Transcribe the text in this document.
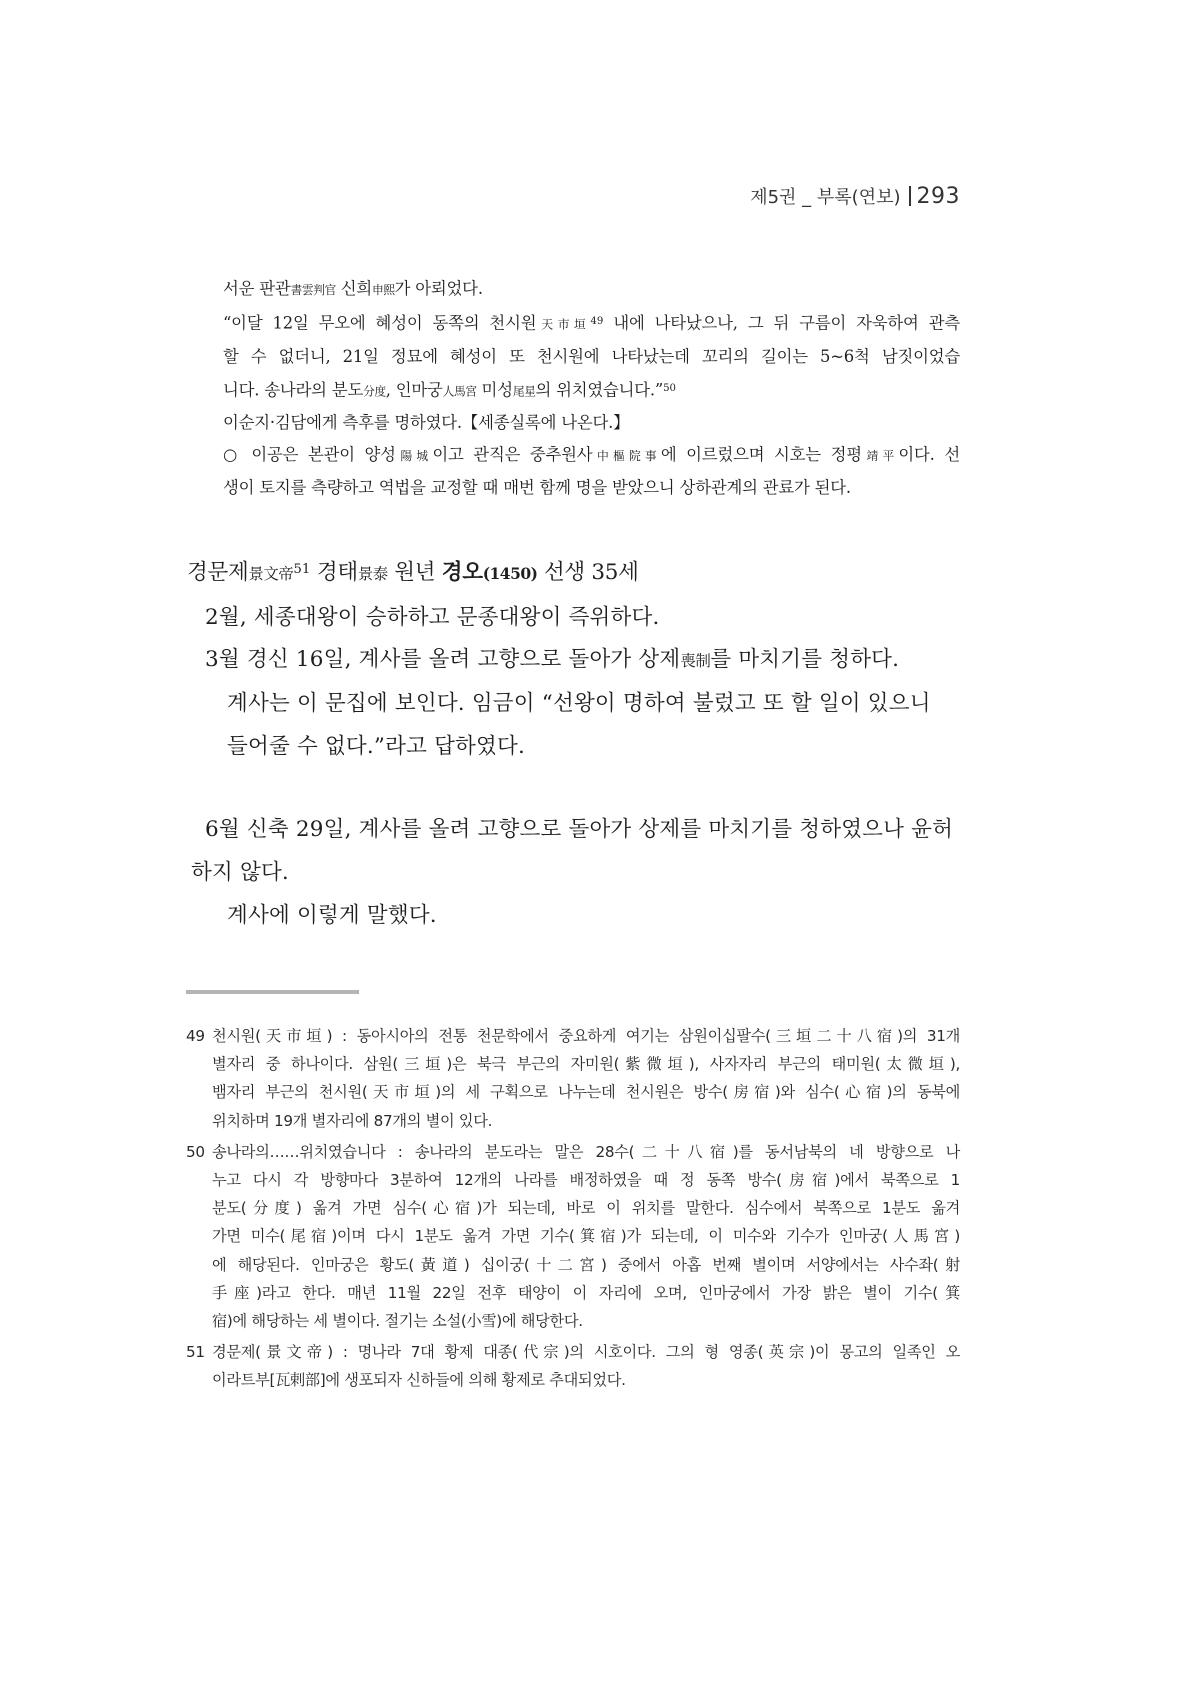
제5권 _ 부록(연보) 293

서운 판관書雲判官 신희申熙가 아뢰었다.

“이달 12일 무오에 혜성이 동쪽의 천시원天市垣$^{49}$ 내에 나타났으나, 그 뒤 구름이 자욱하여 관측

할 수 없더니, 21일 정묘에 혜성이 또 천시원에 나타났는데 꼬리의 길이는 5~6척 남짓이었습

니다. 송나라의 분도分度, 인마궁人馬宮 미성尾星의 위치였습니다.”$^{50}$

이순지·김담에게 측후를 명하였다.【세종실록에 나온다.】

○ 이공은 본관이 양성陽城이고 관직은 중추원사中樞院事에 이르렀으며 시호는 정평靖平이다. 선

생이 토지를 측량하고 역법을 교정할 때 매번 함께 명을 받았으니 상하관계의 관료가 된다.

경문제景文帝$^{51}$ 경태景泰 원년 경오(1450) 선생 35세
2월, 세종대왕이 승하하고 문종대왕이 즉위하다.
3월 경신 16일, 계사를 올려 고향으로 돌아가 상제喪制를 마치기를 청하다.
계사는 이 문집에 보인다. 임금이 “선왕이 명하여 불렀고 또 할 일이 있으니
들어줄 수 없다.”라고 답하였다.
6월 신축 29일, 계사를 올려 고향으로 돌아가 상제를 마치기를 청하였으나 윤허
하지 않다.
계사에 이렇게 말했다.
49 천시원(天市垣) : 동아시아의 전통 천문학에서 중요하게 여기는 삼원이십팔수(三垣二十八宿)의 31개
별자리 중 하나이다. 삼원(三垣)은 북극 부근의 자미원(紫微垣), 사자자리 부근의 태미원(太微垣),
뱀자리 부근의 천시원(天市垣)의 세 구획으로 나누는데 천시원은 방수(房宿)와 심수(心宿)의 동북에
위치하며 19개 별자리에 87개의 별이 있다.
50 송나라의……위치였습니다 : 송나라의 분도라는 말은 28수(二十八宿)를 동서남북의 네 방향으로 나
누고 다시 각 방향마다 3분하여 12개의 나라를 배정하였을 때 정 동쪽 방수(房宿)에서 북쪽으로 1
분도(分度) 옮겨 가면 심수(心宿)가 되는데, 바로 이 위치를 말한다. 심수에서 북쪽으로 1분도 옮겨
가면 미수(尾宿)이며 다시 1분도 옮겨 가면 기수(箕宿)가 되는데, 이 미수와 기수가 인마궁(人馬宮)
에 해당된다. 인마궁은 황도(黃道) 십이궁(十二宮) 중에서 아홉 번째 별이며 서양에서는 사수좌(射
手座)라고 한다. 매년 11월 22일 전후 태양이 이 자리에 오며, 인마궁에서 가장 밝은 별이 기수(箕
宿)에 해당하는 세 별이다. 절기는 소설(小雪)에 해당한다.
51 경문제(景文帝) : 명나라 7대 황제 대종(代宗)의 시호이다. 그의 형 영종(英宗)이 몽고의 일족인 오
이라트부[瓦剌部]에 생포되자 신하들에 의해 황제로 추대되었다.
